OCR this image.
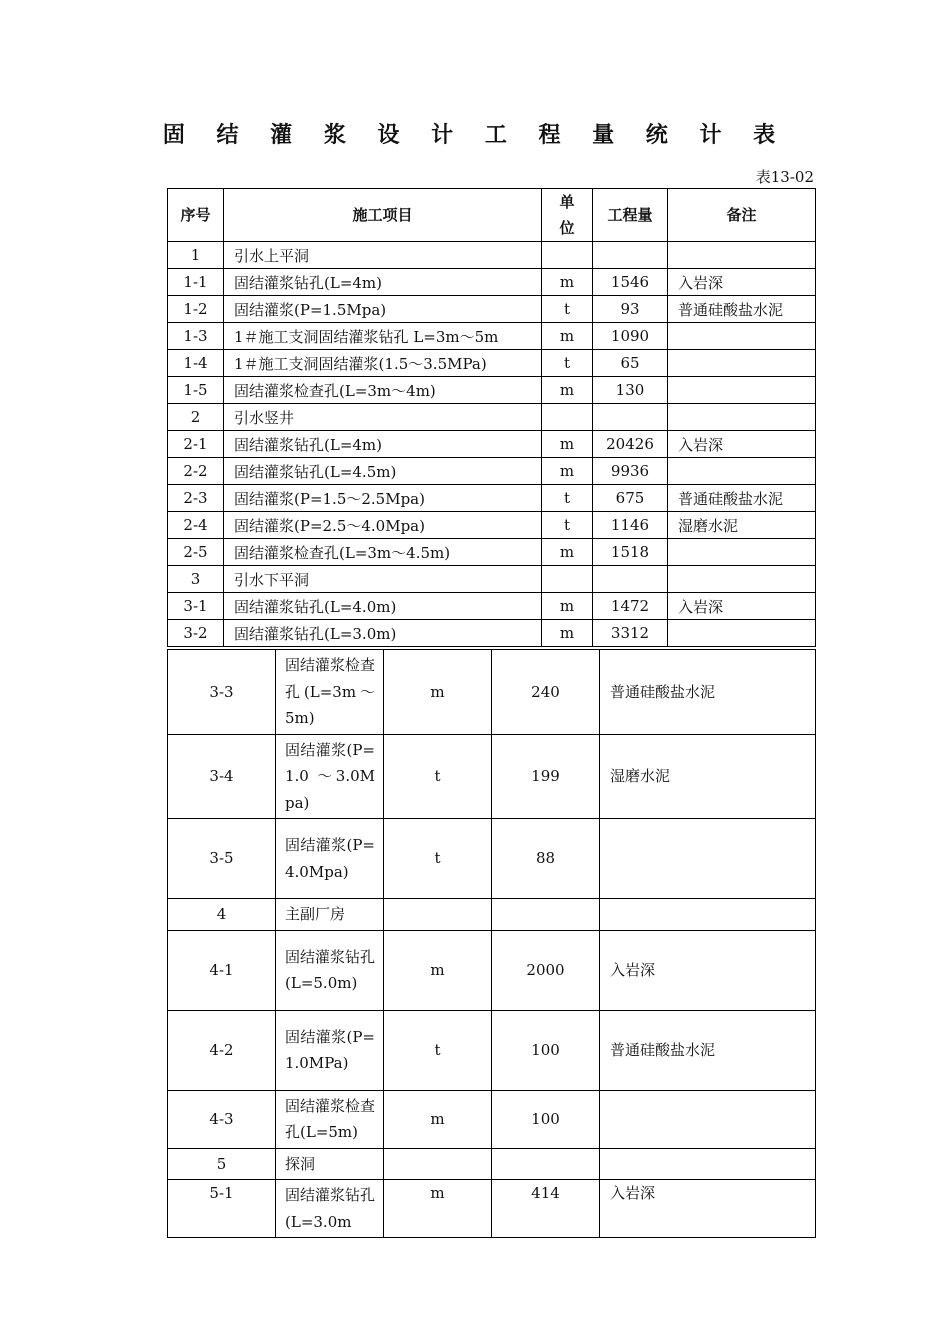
固 结 灌 浆 设 计 工 程 量 统 计 表
表13-02
序号	施工项目	单位	工程量	备注
1	引水上平洞			
1-1	固结灌浆钻孔(L=4m)	m	1546	入岩深
1-2	固结灌浆(P=1.5Mpa)	t	93	普通硅酸盐水泥
1-3	1＃施工支洞固结灌浆钻孔 L=3m～5m	m	1090	
1-4	1＃施工支洞固结灌浆(1.5～3.5MPa)	t	65	
1-5	固结灌浆检查孔(L=3m～4m)	m	130	
2	引水竖井			
2-1	固结灌浆钻孔(L=4m)	m	20426	入岩深
2-2	固结灌浆钻孔(L=4.5m)	m	9936	
2-3	固结灌浆(P=1.5～2.5Mpa)	t	675	普通硅酸盐水泥
2-4	固结灌浆(P=2.5～4.0Mpa)	t	1146	湿磨水泥
2-5	固结灌浆检查孔(L=3m～4.5m)	m	1518	
3	引水下平洞			
3-1	固结灌浆钻孔(L=4.0m)	m	1472	入岩深
3-2	固结灌浆钻孔(L=3.0m)	m	3312	
3-3	固结灌浆检查孔(L=3m～5m)	m	240	普通硅酸盐水泥
3-4	固结灌浆(P=1.0 ～3.0Mpa)	t	199	湿磨水泥
3-5	固结灌浆(P=4.0Mpa)	t	88	
4	主副厂房			
4-1	固结灌浆钻孔(L=5.0m)	m	2000	入岩深
4-2	固结灌浆(P= 1.0MPa)	t	100	普通硅酸盐水泥
4-3	固结灌浆检查孔(L=5m)	m	100	
5	探洞			
5-1	固结灌浆钻孔 (L=3.0m	m	414	入岩深
